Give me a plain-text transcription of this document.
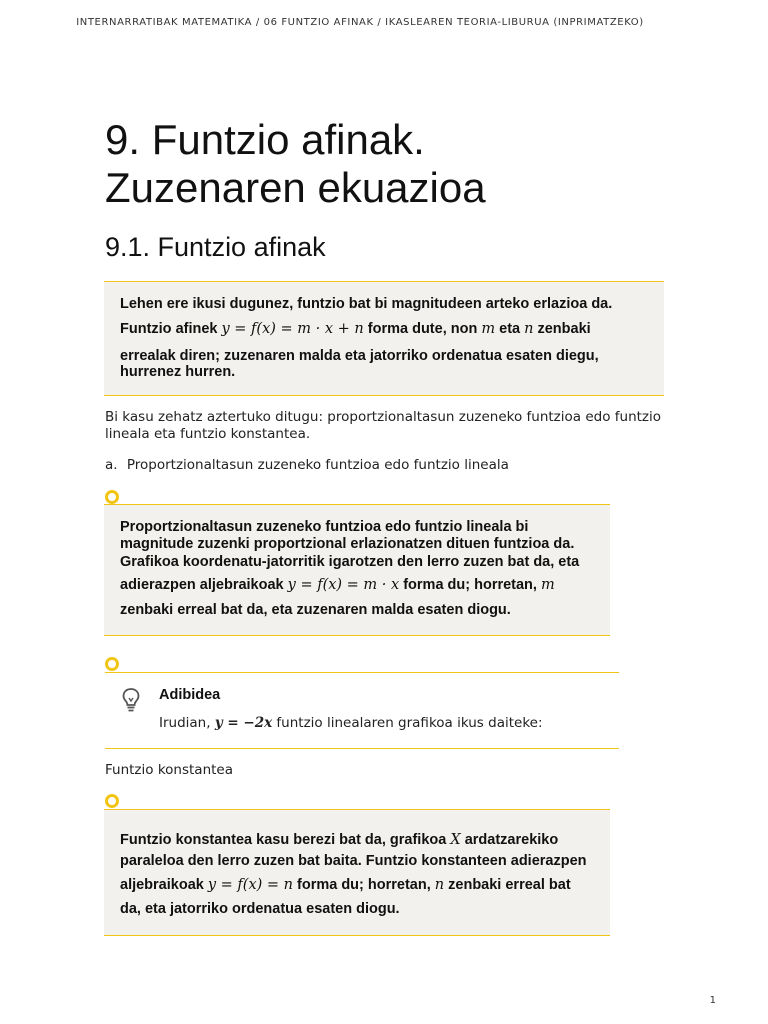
INTERNARRATIBAK MATEMATIKA / 06 FUNTZIO AFINAK / IKASLEAREN TEORIA-LIBURUA (INPRIMATZEKO)
9. Funtzio afinak.
Zuzenaren ekuazioa
9.1. Funtzio afinak
Lehen ere ikusi dugunez, funtzio bat bi magnitudeen arteko erlazioa da.
Funtzio afinek y = f(x) = m · x + n forma dute, non m eta n zenbaki
errealak diren; zuzenaren malda eta jatorriko ordenatua esaten diegu,
hurrenez hurren.
Bi kasu zehatz aztertuko ditugu: proportzionaltasun zuzeneko funtzioa edo funtzio
lineala eta funtzio konstantea.
a. Proportzionaltasun zuzeneko funtzioa edo funtzio lineala
Proportzionaltasun zuzeneko funtzioa edo funtzio lineala bi
magnitude zuzenki proportzional erlazionatzen dituen funtzioa da.
Grafikoa koordenatu-jatorritik igarotzen den lerro zuzen bat da, eta
adierazpen aljebraikoak y = f(x) = m · x forma du; horretan, m
zenbaki erreal bat da, eta zuzenaren malda esaten diogu.
Adibidea
Irudian, y = −2x funtzio linealaren grafikoa ikus daiteke:
Funtzio konstantea
Funtzio konstantea kasu berezi bat da, grafikoa X ardatzarekiko
paraleloa den lerro zuzen bat baita. Funtzio konstanteen adierazpen
aljebraikoak y = f(x) = n forma du; horretan, n zenbaki erreal bat
da, eta jatorriko ordenatua esaten diogu.
1
